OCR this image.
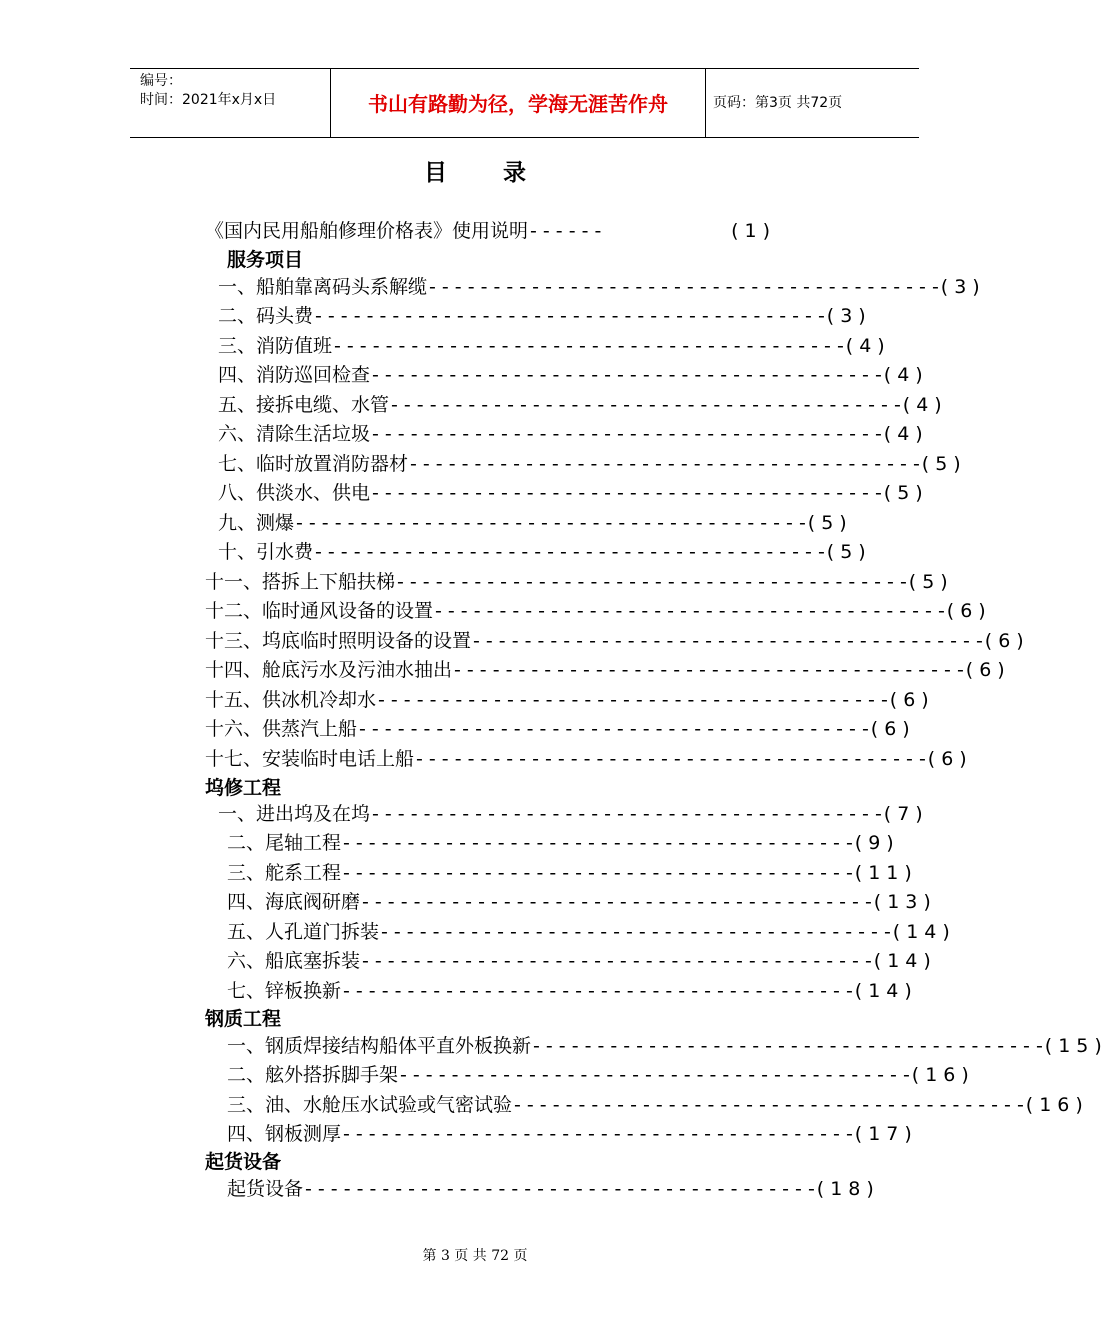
编号：
时间：2021年x月x日	书山有路勤为径，学海无涯苦作舟	页码：第3页 共72页
目录
《国内民用船舶修理价格表》使用说明 - - - - - -	(1)
服务项目
一、船舶靠离码头系解缆 - - - - - - - - - - - - - - - - - - - - - - - - - - - - - - - - - - - - - - - - (3)
二、码头费 - - - - - - - - - - - - - - - - - - - - - - - - - - - - - - - - - - - - - - - - (3)
三、消防值班 - - - - - - - - - - - - - - - - - - - - - - - - - - - - - - - - - - - - - - - - (4)
四、消防巡回检查 - - - - - - - - - - - - - - - - - - - - - - - - - - - - - - - - - - - - - - - - (4)
五、接拆电缆、水管 - - - - - - - - - - - - - - - - - - - - - - - - - - - - - - - - - - - - - - - - (4)
六、清除生活垃圾 - - - - - - - - - - - - - - - - - - - - - - - - - - - - - - - - - - - - - - - - (4)
七、临时放置消防器材 - - - - - - - - - - - - - - - - - - - - - - - - - - - - - - - - - - - - - - - - (5)
八、供淡水、供电 - - - - - - - - - - - - - - - - - - - - - - - - - - - - - - - - - - - - - - - - (5)
九、测爆 - - - - - - - - - - - - - - - - - - - - - - - - - - - - - - - - - - - - - - - - (5)
十、引水费 - - - - - - - - - - - - - - - - - - - - - - - - - - - - - - - - - - - - - - - - (5)
十一、搭拆上下船扶梯 - - - - - - - - - - - - - - - - - - - - - - - - - - - - - - - - - - - - - - - - (5)
十二、临时通风设备的设置 - - - - - - - - - - - - - - - - - - - - - - - - - - - - - - - - - - - - - - - - (6)
十三、坞底临时照明设备的设置 - - - - - - - - - - - - - - - - - - - - - - - - - - - - - - - - - - - - - - - - (6)
十四、舱底污水及污油水抽出 - - - - - - - - - - - - - - - - - - - - - - - - - - - - - - - - - - - - - - - - (6)
十五、供冰机冷却水 - - - - - - - - - - - - - - - - - - - - - - - - - - - - - - - - - - - - - - - - (6)
十六、供蒸汽上船 - - - - - - - - - - - - - - - - - - - - - - - - - - - - - - - - - - - - - - - - (6)
十七、安装临时电话上船 - - - - - - - - - - - - - - - - - - - - - - - - - - - - - - - - - - - - - - - - (6)
坞修工程
一、进出坞及在坞 - - - - - - - - - - - - - - - - - - - - - - - - - - - - - - - - - - - - - - - - (7)
二、尾轴工程 - - - - - - - - - - - - - - - - - - - - - - - - - - - - - - - - - - - - - - - - (9)
三、舵系工程 - - - - - - - - - - - - - - - - - - - - - - - - - - - - - - - - - - - - - - - - (11)
四、海底阀研磨 - - - - - - - - - - - - - - - - - - - - - - - - - - - - - - - - - - - - - - - - (13)
五、人孔道门拆装 - - - - - - - - - - - - - - - - - - - - - - - - - - - - - - - - - - - - - - - - (14)
六、船底塞拆装 - - - - - - - - - - - - - - - - - - - - - - - - - - - - - - - - - - - - - - - - (14)
七、锌板换新 - - - - - - - - - - - - - - - - - - - - - - - - - - - - - - - - - - - - - - - - (14)
钢质工程
一、钢质焊接结构船体平直外板换新 - - - - - - - - - - - - - - - - - - - - - - - - - - - - - - - - - - - - - - - - (15)
二、舷外搭拆脚手架 - - - - - - - - - - - - - - - - - - - - - - - - - - - - - - - - - - - - - - - - (16)
三、油、水舱压水试验或气密试验 - - - - - - - - - - - - - - - - - - - - - - - - - - - - - - - - - - - - - - - - (16)
四、钢板测厚 - - - - - - - - - - - - - - - - - - - - - - - - - - - - - - - - - - - - - - - - (17)
起货设备
起货设备 - - - - - - - - - - - - - - - - - - - - - - - - - - - - - - - - - - - - - - - - (18)
第 3 页 共 72 页
